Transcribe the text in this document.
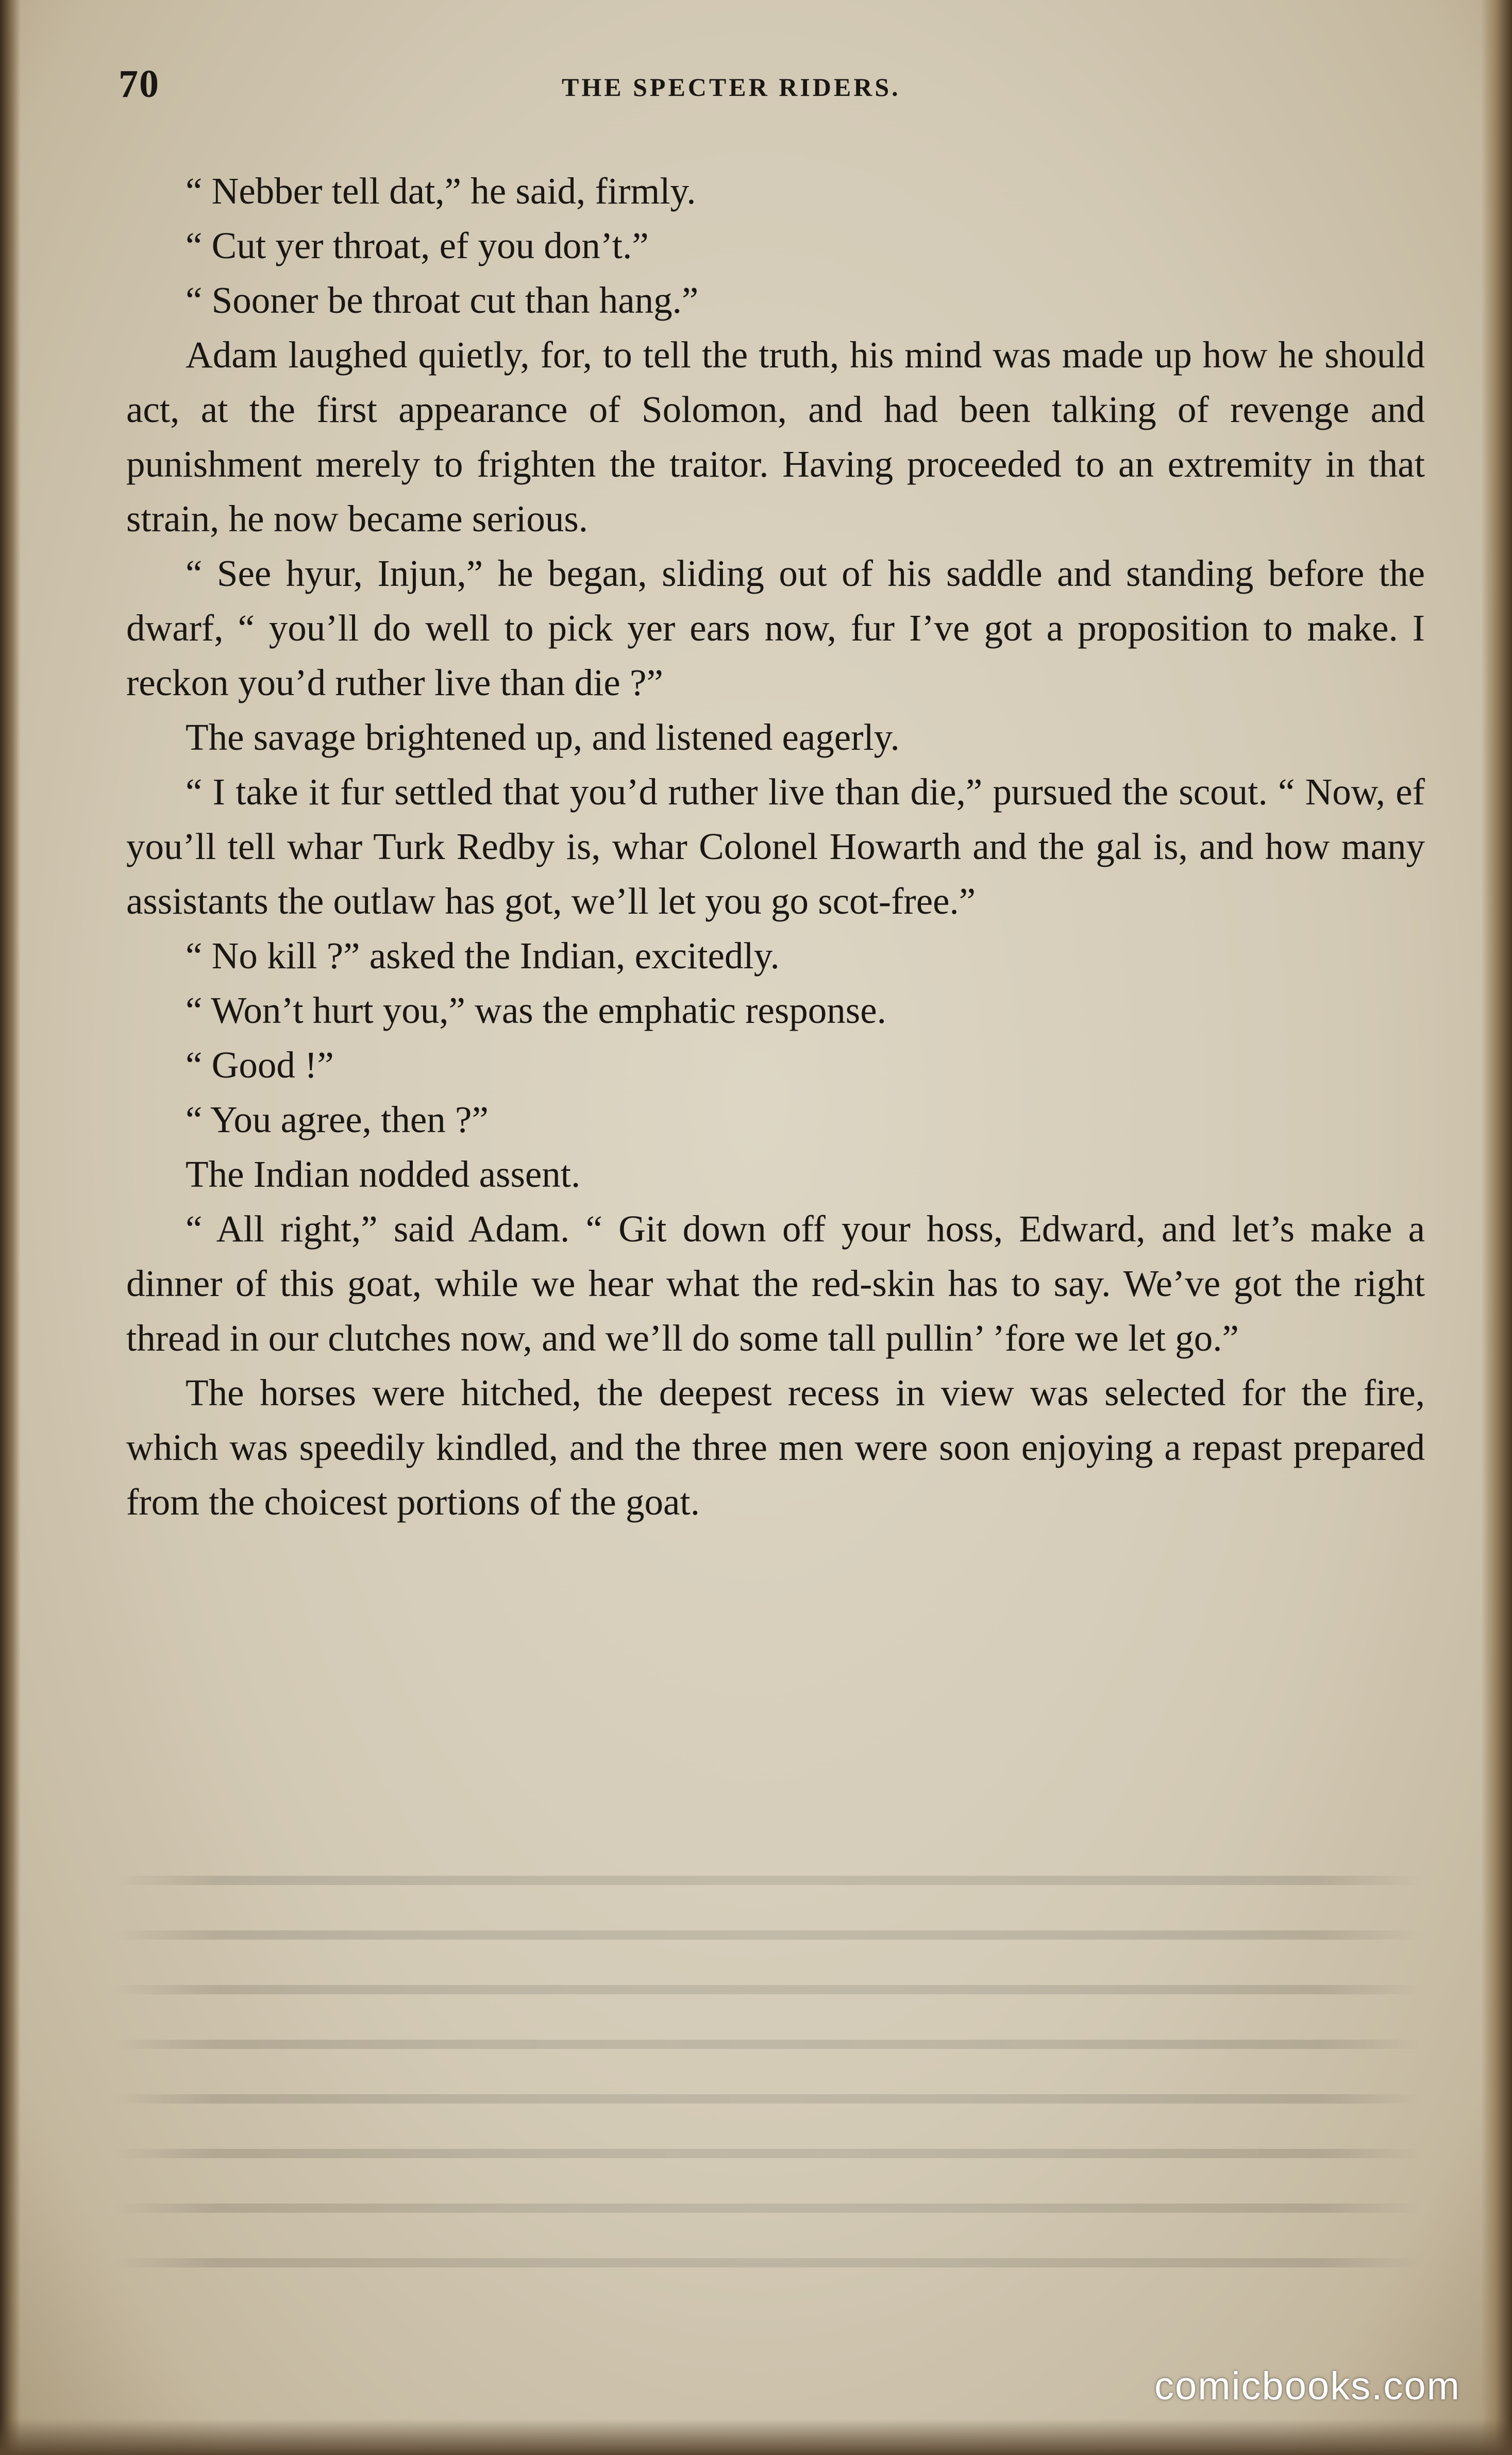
70	THE SPECTER RIDERS.

“ Nebber tell dat,” he said, firmly.

“ Cut yer throat, ef you don’t.”

“ Sooner be throat cut than hang.”

Adam laughed quietly, for, to tell the truth, his mind was made up how he should act, at the first appearance of Solomon, and had been talking of revenge and punishment merely to frighten the traitor. Having proceeded to an extremity in that strain, he now became serious.

“ See hyur, Injun,” he began, sliding out of his saddle and standing before the dwarf, “ you’ll do well to pick yer ears now, fur I’ve got a proposition to make. I reckon you’d ruther live than die ?”

The savage brightened up, and listened eagerly.

“ I take it fur settled that you’d ruther live than die,” pursued the scout. “ Now, ef you’ll tell whar Turk Redby is, whar Colonel Howarth and the gal is, and how many assistants the outlaw has got, we’ll let you go scot-free.”

“ No kill ?” asked the Indian, excitedly.

“ Won’t hurt you,” was the emphatic response.

“ Good !”

“ You agree, then ?”

The Indian nodded assent.

“ All right,” said Adam. “ Git down off your hoss, Edward, and let’s make a dinner of this goat, while we hear what the red-skin has to say. We’ve got the right thread in our clutches now, and we’ll do some tall pullin’ ’fore we let go.”

The horses were hitched, the deepest recess in view was selected for the fire, which was speedily kindled, and the three men were soon enjoying a repast prepared from the choicest portions of the goat.

comicbooks.com
